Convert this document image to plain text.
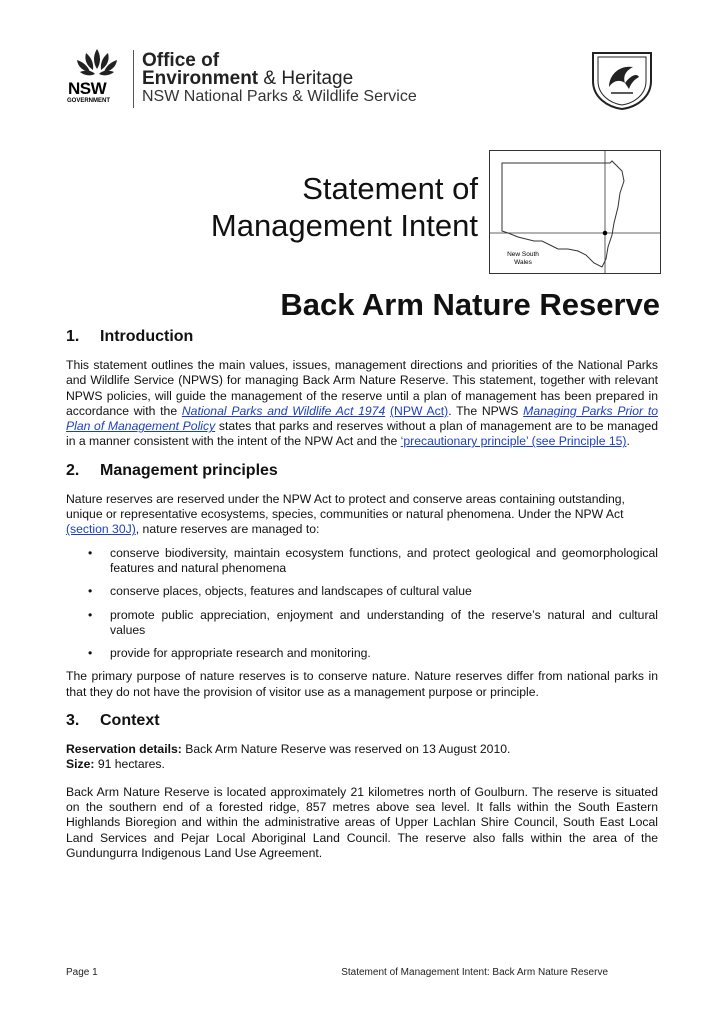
NSW
GOVERNMENT
Office of
Environment & Heritage
NSW National Parks & Wildlife Service
Statement of
Management Intent
New South Wales
Back Arm Nature Reserve
1. Introduction

This statement outlines the main values, issues, management directions and priorities of the National Parks and Wildlife Service (NPWS) for managing Back Arm Nature Reserve. This statement, together with relevant NPWS policies, will guide the management of the reserve until a plan of management has been prepared in accordance with the National Parks and Wildlife Act 1974 (NPW Act). The NPWS Managing Parks Prior to Plan of Management Policy states that parks and reserves without a plan of management are to be managed in a manner consistent with the intent of the NPW Act and the ‘precautionary principle’ (see Principle 15).

2. Management principles

Nature reserves are reserved under the NPW Act to protect and conserve areas containing outstanding, unique or representative ecosystems, species, communities or natural phenomena. Under the NPW Act (section 30J), nature reserves are managed to:

• conserve biodiversity, maintain ecosystem functions, and protect geological and geomorphological features and natural phenomena
• conserve places, objects, features and landscapes of cultural value
• promote public appreciation, enjoyment and understanding of the reserve’s natural and cultural values
• provide for appropriate research and monitoring.

The primary purpose of nature reserves is to conserve nature. Nature reserves differ from national parks in that they do not have the provision of visitor use as a management purpose or principle.

3. Context

Reservation details: Back Arm Nature Reserve was reserved on 13 August 2010.
Size: 91 hectares.

Back Arm Nature Reserve is located approximately 21 kilometres north of Goulburn. The reserve is situated on the southern end of a forested ridge, 857 metres above sea level. It falls within the South Eastern Highlands Bioregion and within the administrative areas of Upper Lachlan Shire Council, South East Local Land Services and Pejar Local Aboriginal Land Council. The reserve also falls within the area of the Gundungurra Indigenous Land Use Agreement.

Page 1	Statement of Management Intent: Back Arm Nature Reserve
